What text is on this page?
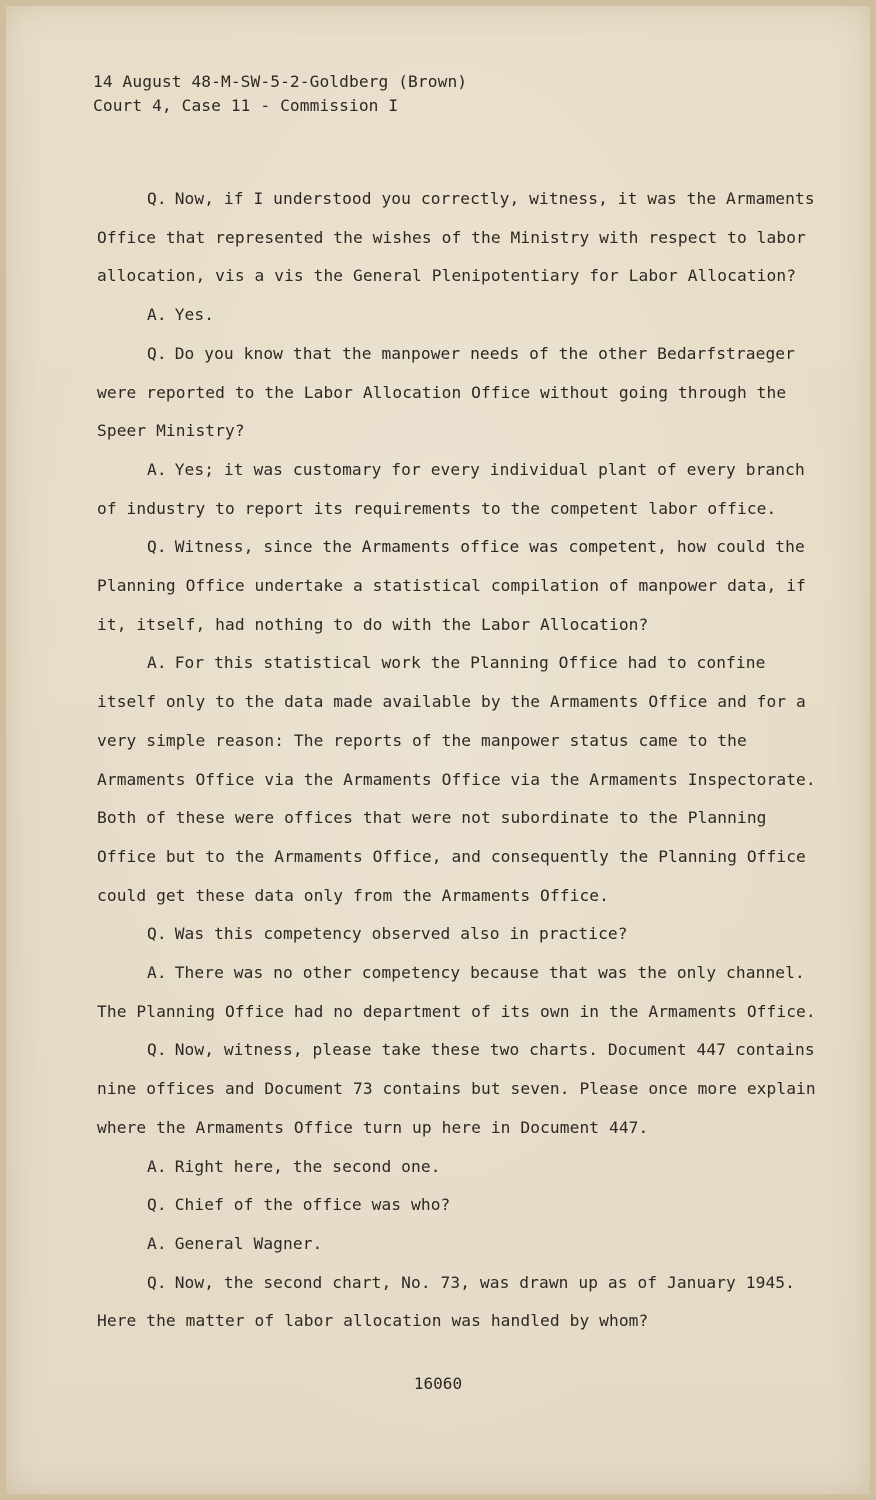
14 August 48-M-SW-5-2-Goldberg (Brown)
Court 4, Case 11 - Commission I

Q. Now, if I understood you correctly, witness, it was the Armaments Office that represented the wishes of the Ministry with respect to labor allocation, vis a vis the General Plenipotentiary for Labor Allocation?

A. Yes.

Q. Do you know that the manpower needs of the other Bedarfstraeger were reported to the Labor Allocation Office without going through the Speer Ministry?

A. Yes; it was customary for every individual plant of every branch of industry to report its requirements to the competent labor office.

Q. Witness, since the Armaments office was competent, how could the Planning Office undertake a statistical compilation of manpower data, if it, itself, had nothing to do with the Labor Allocation?

A. For this statistical work the Planning Office had to confine itself only to the data made available by the Armaments Office and for a very simple reason: The reports of the manpower status came to the Armaments Office via the Armaments Office via the Armaments Inspectorate. Both of these were offices that were not subordinate to the Planning Office but to the Armaments Office, and consequently the Planning Office could get these data only from the Armaments Office.

Q. Was this competency observed also in practice?

A. There was no other competency because that was the only channel. The Planning Office had no department of its own in the Armaments Office.

Q. Now, witness, please take these two charts. Document 447 contains nine offices and Document 73 contains but seven. Please once more explain where the Armaments Office turn up here in Document 447.

A. Right here, the second one.

Q. Chief of the office was who?

A. General Wagner.

Q. Now, the second chart, No. 73, was drawn up as of January 1945. Here the matter of labor allocation was handled by whom?

16060
